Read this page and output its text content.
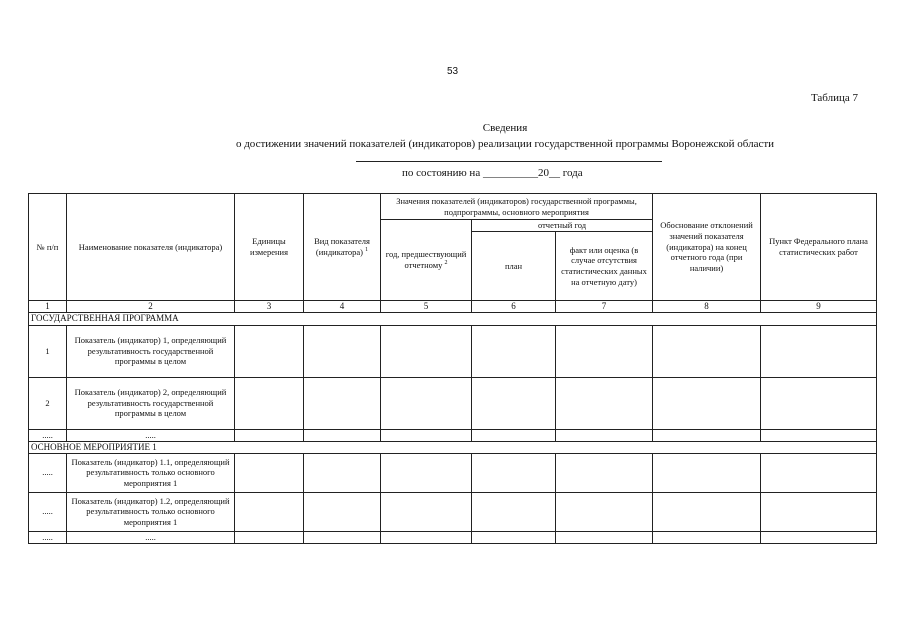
53
Таблица 7
Сведения
о достижении значений показателей (индикаторов) реализации государственной программы Воронежской области
по состоянию на __________20__ года
№ п/п	Наименование показателя (индикатора)	Единицы измерения	Вид показателя (индикатора) $^1$	Значения показателей (индикаторов) государственной программы, подпрограммы, основного мероприятия			Обоснование отклонений значений показателя (индикатора) на конец отчетного года (при наличии)	Пункт Федерального плана статистических работ
				год, предшествующий отчетному $^2$	отчетный год			
					план	факт или оценка (в случае отсутствия статистических данных на отчетную дату)		
1	2	3	4	5	6	7	8	9
ГОСУДАРСТВЕННАЯ ПРОГРАММА								
1	Показатель (индикатор) 1, определяющий результативность государственной программы в целом							
2	Показатель (индикатор) 2, определяющий результативность государственной программы в целом							
.....	.....							
ОСНОВНОЕ МЕРОПРИЯТИЕ 1								
.....	Показатель (индикатор) 1.1, определяющий результативность только основного мероприятия 1							
.....	Показатель (индикатор) 1.2, определяющий результативность только основного мероприятия 1							
.....	.....							
